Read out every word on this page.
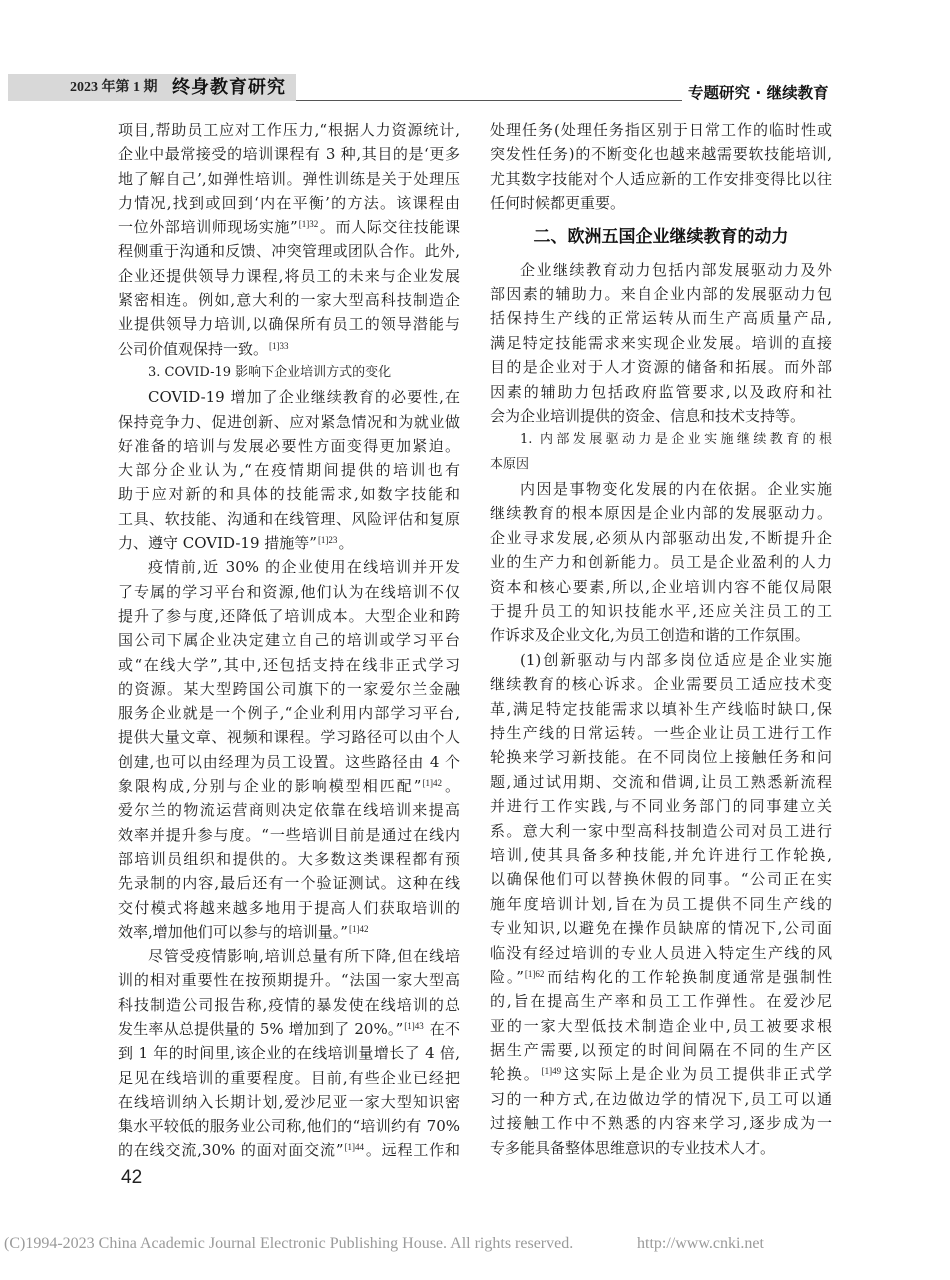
2023 年第 1 期 终身教育研究	专题研究 · 继续教育
项目,帮助员工应对工作压力,“根据人力资源统计,
企业中最常接受的培训课程有 3 种,其目的是‘更多
地了解自己’,如弹性培训。弹性训练是关于处理压
力情况,找到或回到‘内在平衡’的方法。该课程由
一位外部培训师现场实施”$^{[1]32}$。而人际交往技能课
程侧重于沟通和反馈、冲突管理或团队合作。此外,
企业还提供领导力课程,将员工的未来与企业发展
紧密相连。例如,意大利的一家大型高科技制造企
业提供领导力培训,以确保所有员工的领导潜能与
公司价值观保持一致。$^{[1]33}$
3. COVID-19 影响下企业培训方式的变化
COVID-19 增加了企业继续教育的必要性,在
保持竞争力、促进创新、应对紧急情况和为就业做
好准备的培训与发展必要性方面变得更加紧迫。
大部分企业认为,“在疫情期间提供的培训也有
助于应对新的和具体的技能需求,如数字技能和
工具、软技能、沟通和在线管理、风险评估和复原
力、遵守 COVID-19 措施等”$^{[1]23}$。
疫情前,近 30% 的企业使用在线培训并开发
了专属的学习平台和资源,他们认为在线培训不仅
提升了参与度,还降低了培训成本。大型企业和跨
国公司下属企业决定建立自己的培训或学习平台
或“在线大学”,其中,还包括支持在线非正式学习
的资源。某大型跨国公司旗下的一家爱尔兰金融
服务企业就是一个例子,“企业利用内部学习平台,
提供大量文章、视频和课程。学习路径可以由个人
创建,也可以由经理为员工设置。这些路径由 4 个
象限构成,分别与企业的影响模型相匹配”$^{[1]42}$。
爱尔兰的物流运营商则决定依靠在线培训来提高
效率并提升参与度。“一些培训目前是通过在线内
部培训员组织和提供的。大多数这类课程都有预
先录制的内容,最后还有一个验证测试。这种在线
交付模式将越来越多地用于提高人们获取培训的
效率,增加他们可以参与的培训量。”$^{[1]42}$
尽管受疫情影响,培训总量有所下降,但在线培
训的相对重要性在按预期提升。“法国一家大型高
科技制造公司报告称,疫情的暴发使在线培训的总
发生率从总提供量的 5% 增加到了 20%。”$^{[1]43}$ 在不
到 1 年的时间里,该企业的在线培训量增长了 4 倍,
足见在线培训的重要程度。目前,有些企业已经把
在线培训纳入长期计划,爱沙尼亚一家大型知识密
集水平较低的服务业公司称,他们的“培训约有 70%
的在线交流,30% 的面对面交流”$^{[1]44}$。远程工作和
处理任务(处理任务指区别于日常工作的临时性或
突发性任务)的不断变化也越来越需要软技能培训,
尤其数字技能对个人适应新的工作安排变得比以往
任何时候都更重要。
二、欧洲五国企业继续教育的动力
企业继续教育动力包括内部发展驱动力及外
部因素的辅助力。来自企业内部的发展驱动力包
括保持生产线的正常运转从而生产高质量产品,
满足特定技能需求来实现企业发展。培训的直接
目的是企业对于人才资源的储备和拓展。而外部
因素的辅助力包括政府监管要求,以及政府和社
会为企业培训提供的资金、信息和技术支持等。
1. 内部发展驱动力是企业实施继续教育的根
本原因
内因是事物变化发展的内在依据。企业实施
继续教育的根本原因是企业内部的发展驱动力。
企业寻求发展,必须从内部驱动出发,不断提升企
业的生产力和创新能力。员工是企业盈利的人力
资本和核心要素,所以,企业培训内容不能仅局限
于提升员工的知识技能水平,还应关注员工的工
作诉求及企业文化,为员工创造和谐的工作氛围。
(1)创新驱动与内部多岗位适应是企业实施
继续教育的核心诉求。企业需要员工适应技术变
革,满足特定技能需求以填补生产线临时缺口,保
持生产线的日常运转。一些企业让员工进行工作
轮换来学习新技能。在不同岗位上接触任务和问
题,通过试用期、交流和借调,让员工熟悉新流程
并进行工作实践,与不同业务部门的同事建立关
系。意大利一家中型高科技制造公司对员工进行
培训,使其具备多种技能,并允许进行工作轮换,
以确保他们可以替换休假的同事。“公司正在实
施年度培训计划,旨在为员工提供不同生产线的
专业知识,以避免在操作员缺席的情况下,公司面
临没有经过培训的专业人员进入特定生产线的风
险。”$^{[1]62}$而结构化的工作轮换制度通常是强制性
的,旨在提高生产率和员工工作弹性。在爱沙尼
亚的一家大型低技术制造企业中,员工被要求根
据生产需要,以预定的时间间隔在不同的生产区
轮换。$^{[1]49}$这实际上是企业为员工提供非正式学
习的一种方式,在边做边学的情况下,员工可以通
过接触工作中不熟悉的内容来学习,逐步成为一
专多能具备整体思维意识的专业技术人才。
42
(C)1994-2023 China Academic Journal Electronic Publishing House. All rights reserved.	http://www.cnki.net
